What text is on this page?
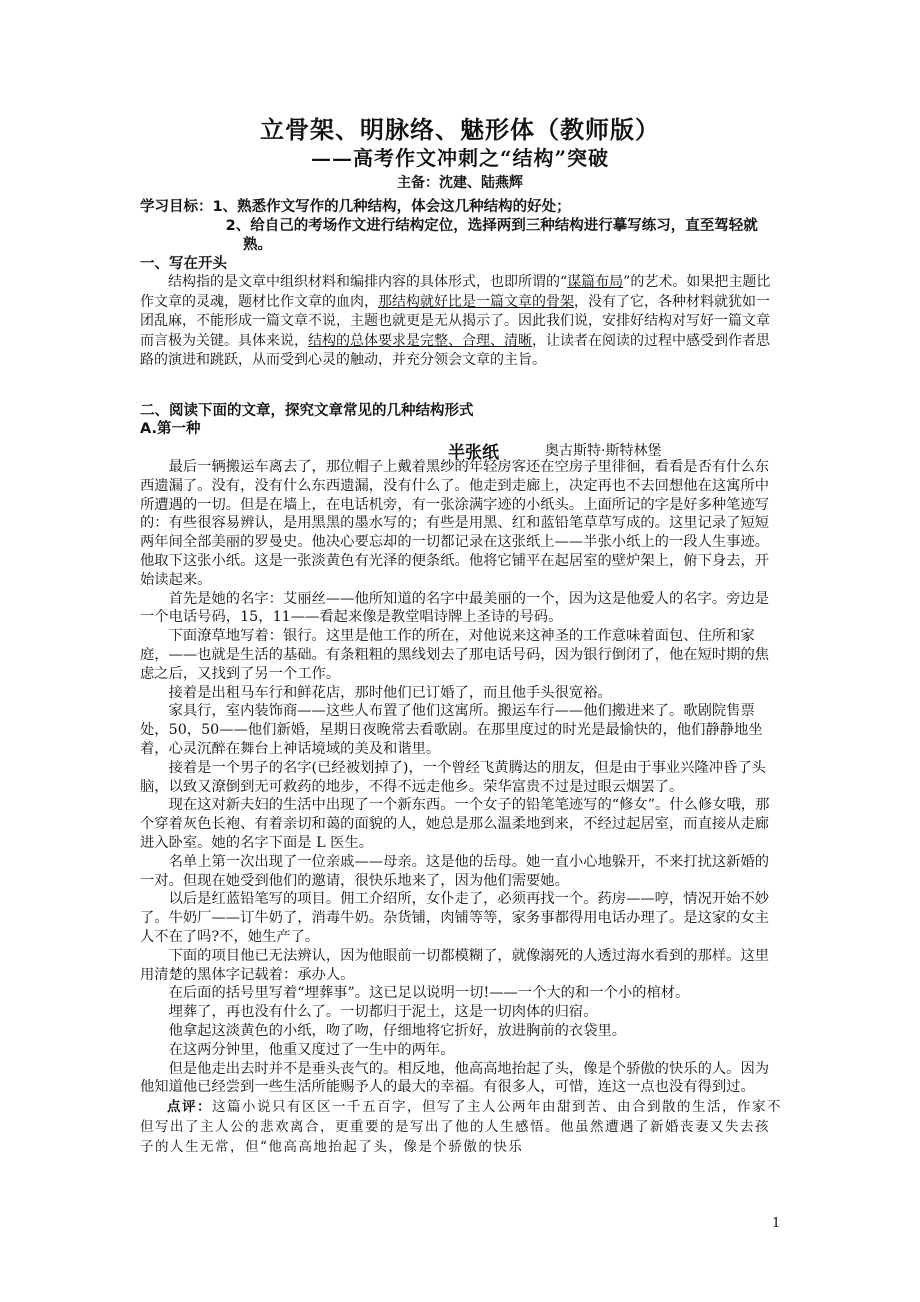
立骨架、明脉络、魅形体（教师版）
——高考作文冲刺之“结构”突破
主备：沈建、陆燕辉
学习目标：1、熟悉作文写作的几种结构，体会这几种结构的好处；
2、给自己的考场作文进行结构定位，选择两到三种结构进行摹写练习，直至驾轻就熟。
一、写在开头

结构指的是文章中组织材料和编排内容的具体形式，也即所谓的“谋篇布局”的艺术。如果把主题比作文章的灵魂，题材比作文章的血肉，那结构就好比是一篇文章的骨架，没有了它，各种材料就犹如一团乱麻，不能形成一篇文章不说，主题也就更是无从揭示了。因此我们说，安排好结构对写好一篇文章而言极为关键。具体来说，结构的总体要求是完整、合理、清晰，让读者在阅读的过程中感受到作者思路的演进和跳跃，从而受到心灵的触动，并充分领会文章的主旨。

二、阅读下面的文章，探究文章常见的几种结构形式
A.第一种
半张纸	奥古斯特·斯特林堡

最后一辆搬运车离去了，那位帽子上戴着黑纱的年轻房客还在空房子里徘徊，看看是否有什么东西遗漏了。没有，没有什么东西遗漏，没有什么了。他走到走廊上，决定再也不去回想他在这寓所中所遭遇的一切。但是在墙上，在电话机旁，有一张涂满字迹的小纸头。上面所记的字是好多种笔迹写的：有些很容易辨认，是用黑黑的墨水写的；有些是用黑、红和蓝铅笔草草写成的。这里记录了短短两年间全部美丽的罗曼史。他决心要忘却的一切都记录在这张纸上——半张小纸上的一段人生事迹。 他取下这张小纸。这是一张淡黄色有光泽的便条纸。他将它铺平在起居室的壁炉架上，俯下身去，开始读起来。

首先是她的名字：艾丽丝——他所知道的名字中最美丽的一个，因为这是他爱人的名字。旁边是一个电话号码，15，11——看起来像是教堂唱诗牌上圣诗的号码。

下面潦草地写着：银行。这里是他工作的所在，对他说来这神圣的工作意味着面包、住所和家庭，——也就是生活的基础。有条粗粗的黑线划去了那电话号码，因为银行倒闭了，他在短时期的焦虑之后，又找到了另一个工作。

接着是出租马车行和鲜花店，那时他们已订婚了，而且他手头很宽裕。

家具行，室内装饰商——这些人布置了他们这寓所。搬运车行——他们搬进来了。歌剧院售票处，50，50——他们新婚，星期日夜晚常去看歌剧。在那里度过的时光是最愉快的，他们静静地坐着，心灵沉醉在舞台上神话境域的美及和谐里。

接着是一个男子的名字(已经被划掉了)，一个曾经飞黄腾达的朋友，但是由于事业兴隆冲昏了头脑，以致又潦倒到无可救药的地步，不得不远走他乡。荣华富贵不过是过眼云烟罢了。

现在这对新夫妇的生活中出现了一个新东西。一个女子的铅笔笔迹写的“修女”。什么修女哦，那个穿着灰色长袍、有着亲切和蔼的面貌的人，她总是那么温柔地到来，不经过起居室，而直接从走廊进入卧室。她的名字下面是 L 医生。

名单上第一次出现了一位亲戚——母亲。这是他的岳母。她一直小心地躲开，不来打扰这新婚的一对。但现在她受到他们的邀请，很快乐地来了，因为他们需要她。

以后是红蓝铅笔写的项目。佣工介绍所，女仆走了，必须再找一个。药房——哼，情况开始不妙了。牛奶厂——订牛奶了，消毒牛奶。杂货铺，肉铺等等，家务事都得用电话办理了。是这家的女主人不在了吗?不，她生产了。

下面的项目他已无法辨认，因为他眼前一切都模糊了，就像溺死的人透过海水看到的那样。这里用清楚的黑体字记载着：承办人。

在后面的括号里写着“埋葬事”。这已足以说明一切!——一个大的和一个小的棺材。

埋葬了，再也没有什么了。一切都归于泥土，这是一切肉体的归宿。

他拿起这淡黄色的小纸，吻了吻，仔细地将它折好，放进胸前的衣袋里。

在这两分钟里，他重又度过了一生中的两年。

但是他走出去时并不是垂头丧气的。相反地，他高高地抬起了头，像是个骄傲的快乐的人。因为他知道他已经尝到一些生活所能赐予人的最大的幸福。有很多人，可惜，连这一点也没有得到过。

点评：这篇小说只有区区一千五百字，但写了主人公两年由甜到苦、由合到散的生活，作家不但写出了主人公的悲欢离合，更重要的是写出了他的人生感悟。他虽然遭遇了新婚丧妻又失去孩子的人生无常，但“他高高地抬起了头，像是个骄傲的快乐

1
